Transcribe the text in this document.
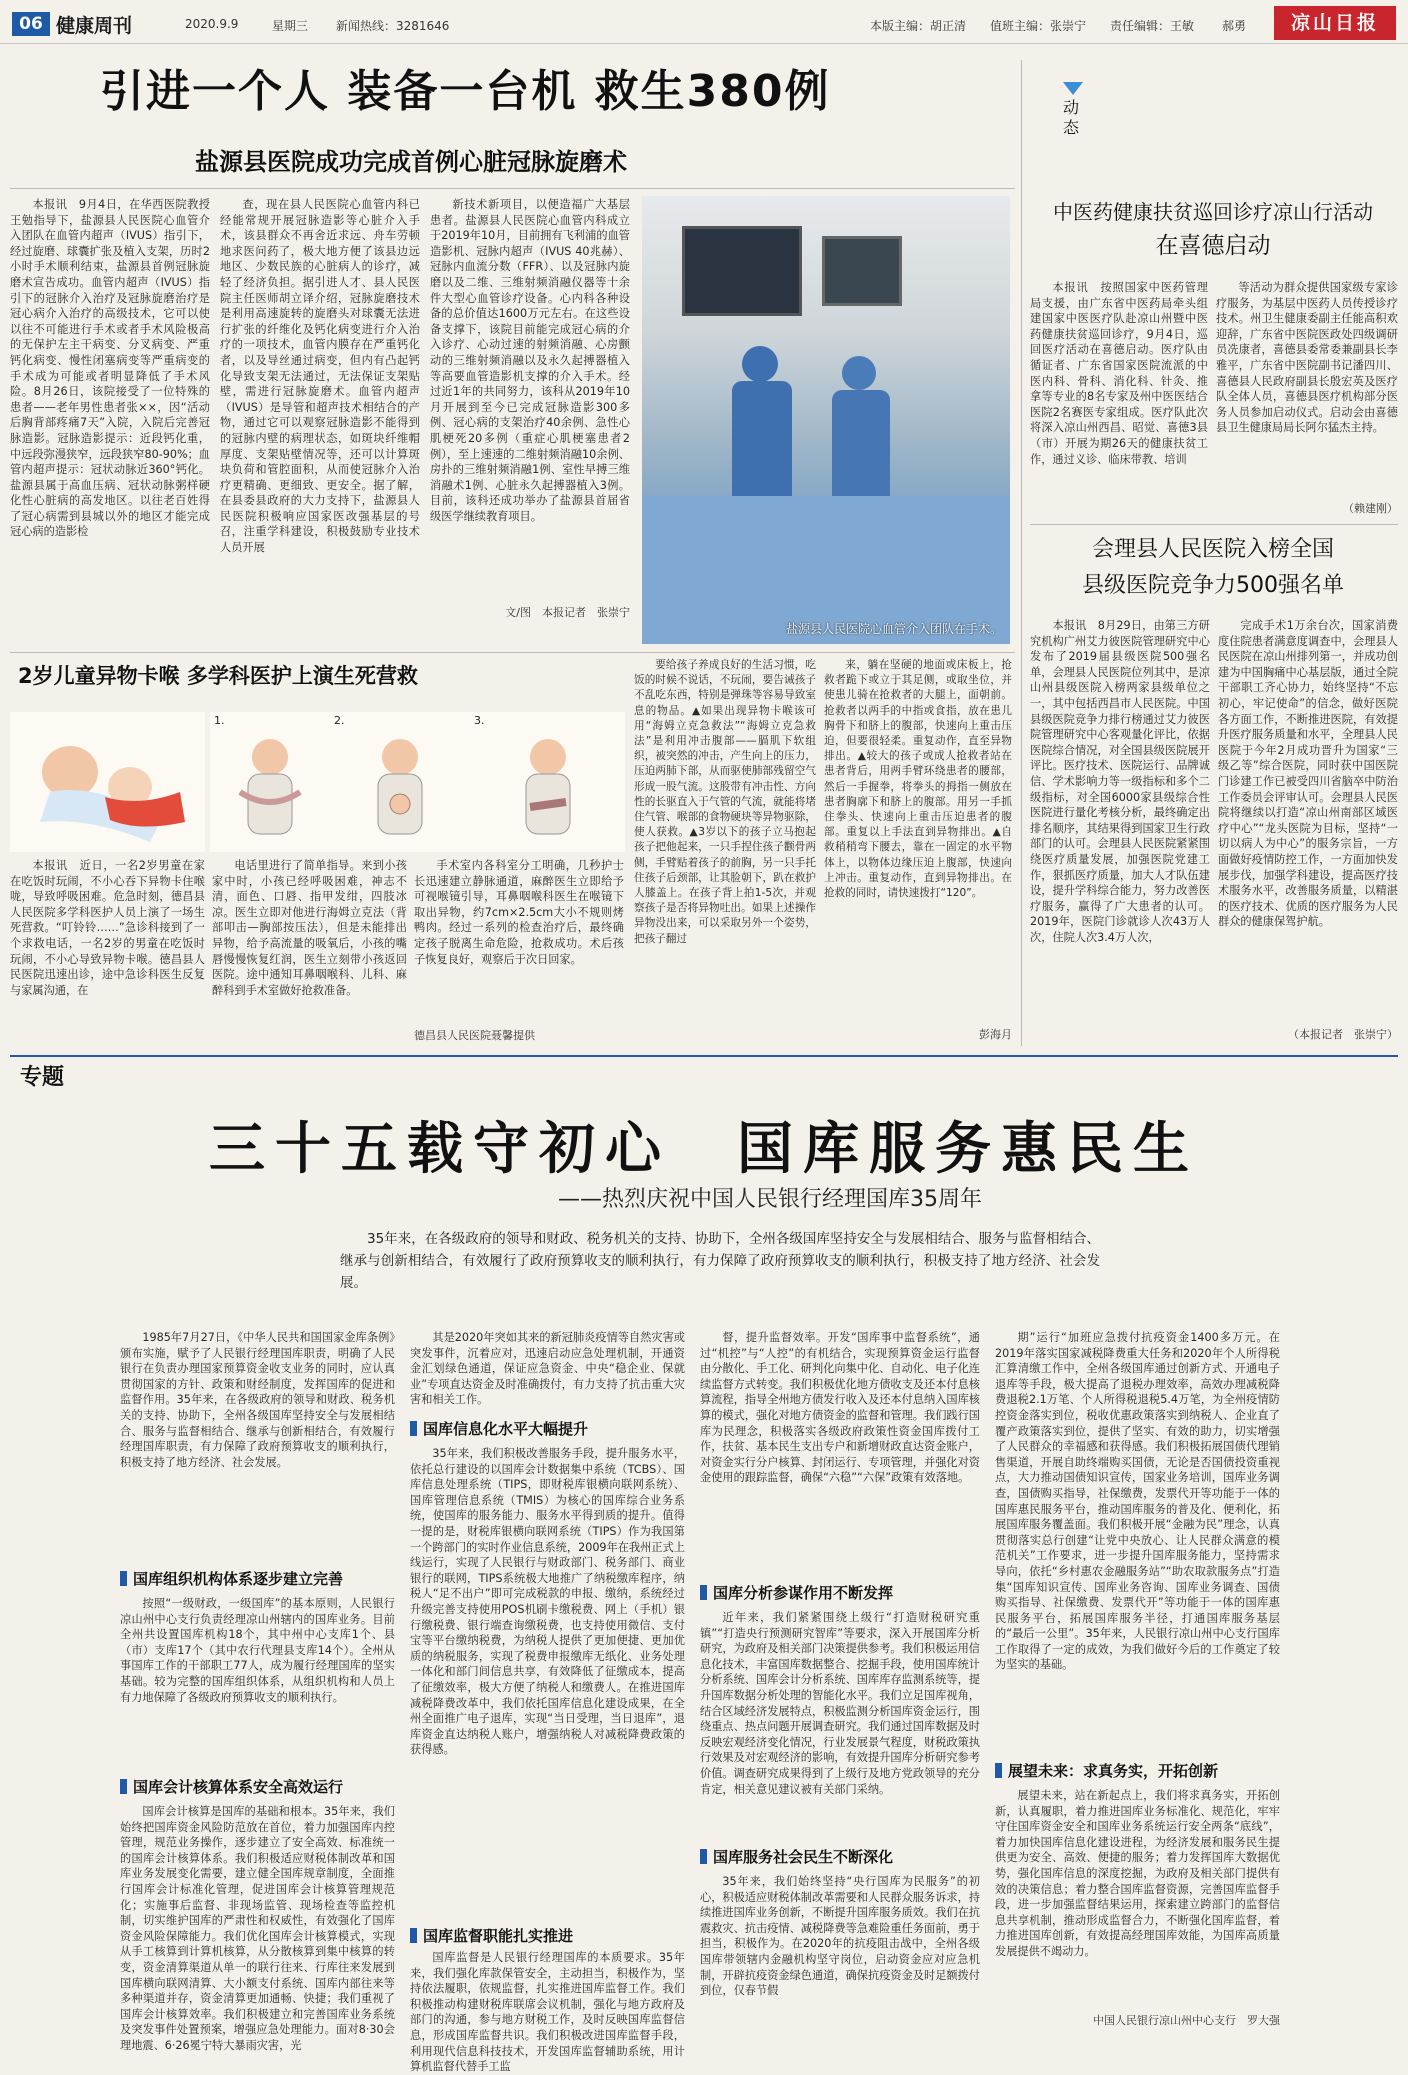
06 健康周刊	2020.9.9	星期三 新闻热线：3281646	本版主编：胡正清 值班主编：张崇宁 责任编辑：王敏 郝勇	凉山日报
引进一个人 装备一台机 救生380例
盐源县医院成功完成首例心脏冠脉旋磨术
本报讯　9月4日，在华西医院教授王勉指导下，盐源县人民医院心血管介入团队在血管内超声（IVUS）指引下，经过旋磨、球囊扩张及植入支架，历时2小时手术顺利结束，盐源县首例冠脉旋磨术宣告成功。血管内超声（IVUS）指引下的冠脉介入治疗及冠脉旋磨治疗是冠心病介入治疗的高级技术，它可以使以往不可能进行手术或者手术风险极高的无保护左主干病变、分叉病变、严重钙化病变、慢性闭塞病变等严重病变的手术成为可能或者明显降低了手术风险。8月26日，该院接受了一位特殊的患者——老年男性患者张××，因“活动后胸背部疼痛7天”入院，入院后完善冠脉造影。冠脉造影提示：近段钙化重，中远段弥漫狭窄，远段狭窄80-90%；血管内超声提示：冠状动脉近360°钙化。盐源县属于高血压病、冠状动脉粥样硬化性心脏病的高发地区。以往老百姓得了冠心病需到县城以外的地区才能完成冠心病的造影检
查，现在县人民医院心血管内科已经能常规开展冠脉造影等心脏介入手术，该县群众不再舍近求远、舟车劳顿地求医问药了，极大地方便了该县边远地区、少数民族的心脏病人的诊疗，减轻了经济负担。据引进人才、县人民医院主任医师胡立译介绍，冠脉旋磨技术是利用高速旋转的旋磨头对球囊无法进行扩张的纤维化及钙化病变进行介入治疗的一项技术，血管内膜存在严重钙化者，以及导丝通过病变，但内有凸起钙化导致支架无法通过，无法保证支架贴壁，需进行冠脉旋磨术。血管内超声（IVUS）是导管和超声技术相结合的产物，通过它可以观察冠脉造影不能得到的冠脉内壁的病理状态，如斑块纤维帽厚度、支架贴壁情况等，还可以计算斑块负荷和管腔面积，从而使冠脉介入治疗更精确、更细致、更安全。据了解，在县委县政府的大力支持下，盐源县人民医院积极响应国家医改强基层的号召，注重学科建设，积极鼓励专业技术人员开展
新技术新项目，以便造福广大基层患者。盐源县人民医院心血管内科成立于2019年10月，目前拥有飞利浦的血管造影机、冠脉内超声（IVUS 40兆赫）、冠脉内血流分数（FFR）、以及冠脉内旋磨以及二维、三维射频消融仪器等十余件大型心血管诊疗设备。心内科各种设备的总价值达1600万元左右。在这些设备支撑下，该院目前能完成冠心病的介入诊疗、心动过速的射频消融、心房颤动的三维射频消融以及永久起搏器植入等高要血管造影机支撑的介入手术。经过近1年的共同努力，该科从2019年10月开展到至今已完成冠脉造影300多例、冠心病的支架治疗40余例、急性心肌梗死20多例（重症心肌梗塞患者2例），至上速速的二维射频消融10余例、房扑的三维射频消融1例、室性早搏三维消融术1例、心脏永久起搏器植入3例。目前，该科还成功举办了盐源县首届省级医学继续教育项目。
文/图　本报记者　张崇宁
盐源县人民医院心血管介入团队在手术。
动态
中医药健康扶贫巡回诊疗凉山行活动
在喜德启动
本报讯　按照国家中医药管理局支援，由广东省中医药局牵头组建国家中医医疗队赴凉山州暨中医药健康扶贫巡回诊疗，9月4日，巡回医疗活动在喜德启动。医疗队由循证者、广东省国家医院流派的中医内科、骨科、消化科、针灸、推拿等专业的8名专家及州中医医结合医院2名赛医专家组成。医疗队此次将深入凉山州西昌、昭觉、喜德3县（市）开展为期26天的健康扶贫工作，通过义诊、临床带教、培训
等活动为群众提供国家级专家诊疗服务，为基层中医药人员传授诊疗技术。州卫生健康委副主任能高积欢迎辞，广东省中医院医政处四级调研员冼康者，喜德县委常委兼副县长李雅平，广东省中医院副书记潘四川、喜德县人民政府副县长殷宏英及医疗队全体人员，喜德县医疗机构部分医务人员参加启动仪式。启动会由喜德县卫生健康局局长阿尔猛杰主持。
（赖建刚）
会理县人民医院入榜全国
县级医院竞争力500强名单
本报讯　8月29日，由第三方研究机构广州艾力彼医院管理研究中心发布了2019届县级医院500强名单，会理县人民医院位列其中，是凉山州县级医院入榜两家县级单位之一，其中包括西昌市人民医院。中国县级医院竞争力排行榜通过艾力彼医院管理研究中心客观量化评比，依据医院综合情况，对全国县级医院展开评比。医疗技术、医院运行、品牌诚信、学术影响力等一级指标和多个二级指标，对全国6000家县级综合性医院进行量化考核分析，最终确定出排名顺序，其结果得到国家卫生行政部门的认可。会理县人民医院紧紧围绕医疗质量发展，加强医院党建工作，狠抓医疗质量，加大人才队伍建设，提升学科综合能力，努力改善医疗服务，赢得了广大患者的认可。2019年，医院门诊就诊人次43万人次，住院人次3.4万人次，
完成手术1万余台次，国家消费度住院患者满意度调查中，会理县人民医院在凉山州排列第一，并成功创建为中国胸痛中心基层版，通过全院干部职工齐心协力，始终坚持“不忘初心，牢记使命”的信念，做好医院各方面工作，不断推进医院，有效提升医疗服务质量和水平，全理县人民医院于今年2月成功晋升为国家“三级乙等”综合医院，同时获中国医院门诊建工作已被受四川省脑卒中防治工作委员会评审认可。会理县人民医院将继续以打造“凉山州南部区域医疗中心”“龙头医院为目标，坚持“一切以病人为中心”的服务宗旨，一方面做好疫情防控工作，一方面加快发展步伐，加强学科建设，提高医疗技术服务水平，改善服务质量，以精湛的医疗技术、优质的医疗服务为人民群众的健康保驾护航。
（本报记者　张崇宁）
2岁儿童异物卡喉 多学科医护上演生死营救
1.	2.	3.
本报讯　近日，一名2岁男童在家在吃饭时玩闹，不小心吞下异物卡住喉咙，导致呼吸困难。危急时刻，德昌县人民医院多学科医护人员上演了一场生死营救。“叮铃铃……”急诊科接到了一个求救电话，一名2岁的男童在吃饭时玩闹，不小心导致异物卡喉。德昌县人民医院迅速出诊，途中急诊科医生反复与家属沟通，在
电话里进行了简单指导。来到小孩家中时，小孩已经呼吸困难，神志不清，面色、口唇、指甲发绀，四肢冰凉。医生立即对他进行海姆立克法（背部叩击—胸部按压法），但是未能排出异物，给予高流量的吸氧后，小孩的嘴唇慢慢恢复红润，医生立刻带小孩返回医院。途中通知耳鼻咽喉科、儿科、麻醉科到手术室做好抢救准备。
手术室内各科室分工明确，几秒护士长迅速建立静脉通道，麻醉医生立即给予可视喉镜引导，耳鼻咽喉科医生在喉镜下取出异物，约7cm×2.5cm大小不规则烤鸭肉。经过一系列的检查治疗后，最终确定孩子脱离生命危险，抢救成功。术后孩子恢复良好，观察后于次日回家。
德昌县人民医院聂馨提供
要给孩子养成良好的生活习惯，吃饭的时候不说话，不玩闹，要告诫孩子不乱吃东西，特别是弹珠等容易导致室息的物品。▲如果出现异物卡喉该可用“海姆立克急救法”“海姆立克急救法”是利用冲击腹部——膈肌下软组织，被突然的冲击，产生向上的压力，压迫两肺下部，从而驱使肺部残留空气形成一股气流。这股带有冲击性、方向性的长驱直入于气管的气流，就能将堵住气管、喉部的食物硬块等异物驱除，使人获救。▲3岁以下的孩子立马抱起孩子把他起来，一只手捏住孩子颧骨两侧，手臂贴着孩子的前胸，另一只手托住孩子后颈部，让其脸朝下，趴在救护人膝盖上。在孩子背上拍1-5次，并观察孩子是否将异物吐出。如果上述操作异物没出来，可以采取另外一个姿势，把孩子翻过
来，躺在坚硬的地面或床板上，抢救者跪下或立于其足侧，或取坐位，并使患儿骑在抢救者的大腿上，面朝前。抢救者以两手的中指或食指，放在患儿胸骨下和脐上的腹部，快速向上重击压迫，但要很轻柔。重复动作，直至异物排出。▲较大的孩子或成人抢救者站在患者背后，用两手臂环绕患者的腰部，然后一手握拳，将拳头的拇指一侧放在患者胸廓下和脐上的腹部。用另一手抓住拳头、快速向上重击压迫患者的腹部。重复以上手法直到异物排出。▲自救稍稍弯下腰去，靠在一固定的水平物体上，以物体边缘压迫上腹部，快速向上冲击。重复动作，直到异物排出。在抢救的同时，请快速拨打“120”。
彭海月
专题
三十五载守初心　国库服务惠民生
——热烈庆祝中国人民银行经理国库35周年
35年来，在各级政府的领导和财政、税务机关的支持、协助下，全州各级国库坚持安全与发展相结合、服务与监督相结合、继承与创新相结合，有效履行了政府预算收支的顺利执行，有力保障了政府预算收支的顺利执行，积极支持了地方经济、社会发展。
1985年7月27日，《中华人民共和国国家金库条例》颁布实施，赋予了人民银行经理国库职责，明确了人民银行在负责办理国家预算资金收支业务的同时，应认真贯彻国家的方针、政策和财经制度，发挥国库的促进和监督作用。35年来，在各级政府的领导和财政、税务机关的支持、协助下，全州各级国库坚持安全与发展相结合、服务与监督相结合、继承与创新相结合，有效履行经理国库职责，有力保障了政府预算收支的顺利执行，积极支持了地方经济、社会发展。
国库组织机构体系逐步建立完善
按照“一级财政，一级国库”的基本原则，人民银行凉山州中心支行负责经理凉山州辖内的国库业务。目前全州共设置国库机构18个，其中州中心支库1个、县（市）支库17个（其中农行代理县支库14个）。全州从事国库工作的干部职工77人，成为履行经理国库的坚实基础。较为完整的国库组织体系，从组织机构和人员上有力地保障了各级政府预算收支的顺利执行。
国库会计核算体系安全高效运行
国库会计核算是国库的基础和根本。35年来，我们始终把国库资金风险防范放在首位，着力加强国库内控管理，规范业务操作，逐步建立了安全高效、标准统一的国库会计核算体系。我们积极适应财税体制改革和国库业务发展变化需要，建立健全国库规章制度，全面推行国库会计标准化管理，促进国库会计核算管理规范化；实施事后监督、非现场监管、现场检查等监控机制，切实维护国库的严肃性和权威性，有效强化了国库资金风险保障能力。我们优化国库会计核算模式，实现从手工核算到计算机核算，从分散核算到集中核算的转变，资金清算渠道从单一的联行往来、行库往来发展到国库横向联网清算、大小额支付系统、国库内部往来等多种渠道并存，资金清算更加通畅、快捷；我们重视了国库会计核算效率。我们积极建立和完善国库业务系统及突发事件处置预案，增强应急处理能力。面对8·30会理地震、6·26冕宁特大暴雨灾害，光
其是2020年突如其来的新冠肺炎疫情等自然灾害或突发事件，沉着应对，迅速启动应急处理机制，开通资金汇划绿色通道，保证应急资金、中央“稳企业、保就业”专项直达资金及时准确拨付，有力支持了抗击重大灾害和相关工作。
国库信息化水平大幅提升
35年来，我们积极改善服务手段，提升服务水平，依托总行建设的以国库会计数据集中系统（TCBS）、国库信息处理系统（TIPS，即财税库银横向联网系统）、国库管理信息系统（TMIS）为核心的国库综合业务系统，使国库的服务能力、服务水平得到质的提升。值得一提的是，财税库银横向联网系统（TIPS）作为我国第一个跨部门的实时作业信息系统，2009年在我州正式上线运行，实现了人民银行与财政部门、税务部门、商业银行的联网，TIPS系统极大地推广了纳税缴库程序，纳税人“足不出户”即可完成税款的申报、缴纳，系统经过升级完善支持使用POS机刷卡缴税费、网上（手机）银行缴税费、银行端查询缴税费，也支持使用微信、支付宝等平台缴纳税费，为纳税人提供了更加便捷、更加优质的纳税服务，实现了税费申报缴库无纸化、业务处理一体化和部门间信息共享，有效降低了征缴成本，提高了征缴效率，极大方便了纳税人和缴费人。在推进国库减税降费改革中，我们依托国库信息化建设成果，在全州全面推广电子退库，实现“当日受理，当日退库”，退库资金直达纳税人账户，增强纳税人对减税降费政策的获得感。
国库监督职能扎实推进
国库监督是人民银行经理国库的本质要求。35年来，我们强化库款保管安全，主动担当，积极作为，坚持依法履职，依规监督，扎实推进国库监督工作。我们积极推动构建财税库联席会议机制，强化与地方政府及部门的沟通，参与地方财税工作，及时反映国库监督信息，形成国库监督共识。我们积极改进国库监督手段，利用现代信息科技技术，开发国库监督辅助系统，用计算机监督代替手工监
督，提升监督效率。开发“国库事中监督系统”，通过“机控”与“人控”的有机结合，实现预算资金运行监督由分散化、手工化、研判化向集中化、自动化、电子化连续监督方式转变。我们积极优化地方债收支及还本付息核算流程，指导全州地方债发行收入及还本付息纳入国库核算的模式，强化对地方债资金的监督和管理。我们践行国库为民理念，积极落实各级政府政策性资金国库拨付工作，扶贫、基本民生支出专户和新增财政直达资金账户，对资金实行分户核算、封闭运行、专项管理，并强化对资金使用的跟踪监督，确保“六稳”“六保”政策有效落地。
国库分析参谋作用不断发挥
近年来，我们紧紧围绕上级行“打造财税研究重镇”“打造央行预测研究智库”等要求，深入开展国库分析研究，为政府及相关部门决策提供参考。我们积极运用信息化技术，丰富国库数据整合、挖掘手段，使用国库统计分析系统、国库会计分析系统、国库库存监测系统等，提升国库数据分析处理的智能化水平。我们立足国库视角，结合区域经济发展特点，积极监测分析国库资金运行，围绕重点、热点问题开展调查研究。我们通过国库数据及时反映宏观经济变化情况，行业发展景气程度，财税政策执行效果及对宏观经济的影响，有效提升国库分析研究参考价值。调查研究成果得到了上级行及地方党政领导的充分肯定，相关意见建议被有关部门采纳。
国库服务社会民生不断深化
35年来，我们始终坚持“央行国库为民服务”的初心，积极适应财税体制改革需要和人民群众服务诉求，持续推进国库业务创新，不断提升国库服务质效。我们在抗震救灾、抗击疫情、减税降费等急难险重任务面前，勇于担当，积极作为。在2020年的抗疫阻击战中，全州各级国库带领辖内金融机构坚守岗位，启动资金应对应急机制，开辟抗疫资金绿色通道，确保抗疫资金及时足额拨付到位，仅春节假
期”运行“加班应急拨付抗疫资金1400多万元。在2019年落实国家减税降费重大任务和2020年个人所得税汇算清缴工作中，全州各级国库通过创新方式、开通电子退库等手段，极大提高了退税办理效率，高效办理减税降费退税2.1万笔、个人所得税退税5.4万笔，为全州疫情防控资金落实到位，税收优惠政策落实到纳税人、企业直了覆产政策落实到位，提供了坚实、有效的助力，切实增强了人民群众的幸福感和获得感。我们积极拓展国债代理销售渠道，开展自助终端购买国债，无论是否国债投资重视点，大力推动国债知识宣传，国家业务培训，国库业务调查，国债购买指导，社保缴费，发票代开等功能于一体的国库惠民服务平台，推动国库服务的普及化、便利化，拓展国库服务覆盖面。我们积极开展“金融为民”理念，认真贯彻落实总行创建“让党中央放心、让人民群众满意的模范机关”工作要求，进一步提升国库服务能力，坚持需求导向，依托“乡村惠农金融服务站”“助农取款服务点”打造集“国库知识宣传、国库业务咨询、国库业务调查、国债购买指导、社保缴费、发票代开”等功能于一体的国库惠民服务平台，拓展国库服务半径，打通国库服务基层的“最后一公里”。35年来，人民银行凉山州中心支行国库工作取得了一定的成效，为我们做好今后的工作奠定了较为坚实的基础。
展望未来：求真务实，开拓创新
展望未来，站在新起点上，我们将求真务实，开拓创新，认真履职，着力推进国库业务标准化、规范化，牢牢守住国库资金安全和国库业务系统运行安全两条“底线”，着力加快国库信息化建设进程，为经济发展和服务民生提供更为安全、高效、便捷的服务；着力发挥国库大数据优势，强化国库信息的深度挖掘，为政府及相关部门提供有效的决策信息；着力整合国库监督资源，完善国库监督手段，进一步加强监督结果运用，探索建立跨部门的监督信息共享机制，推动形成监督合力，不断强化国库监督，着力推进国库创新，有效提高经理国库效能，为国库高质量发展提供不竭动力。
中国人民银行凉山州中心支行　罗大强
